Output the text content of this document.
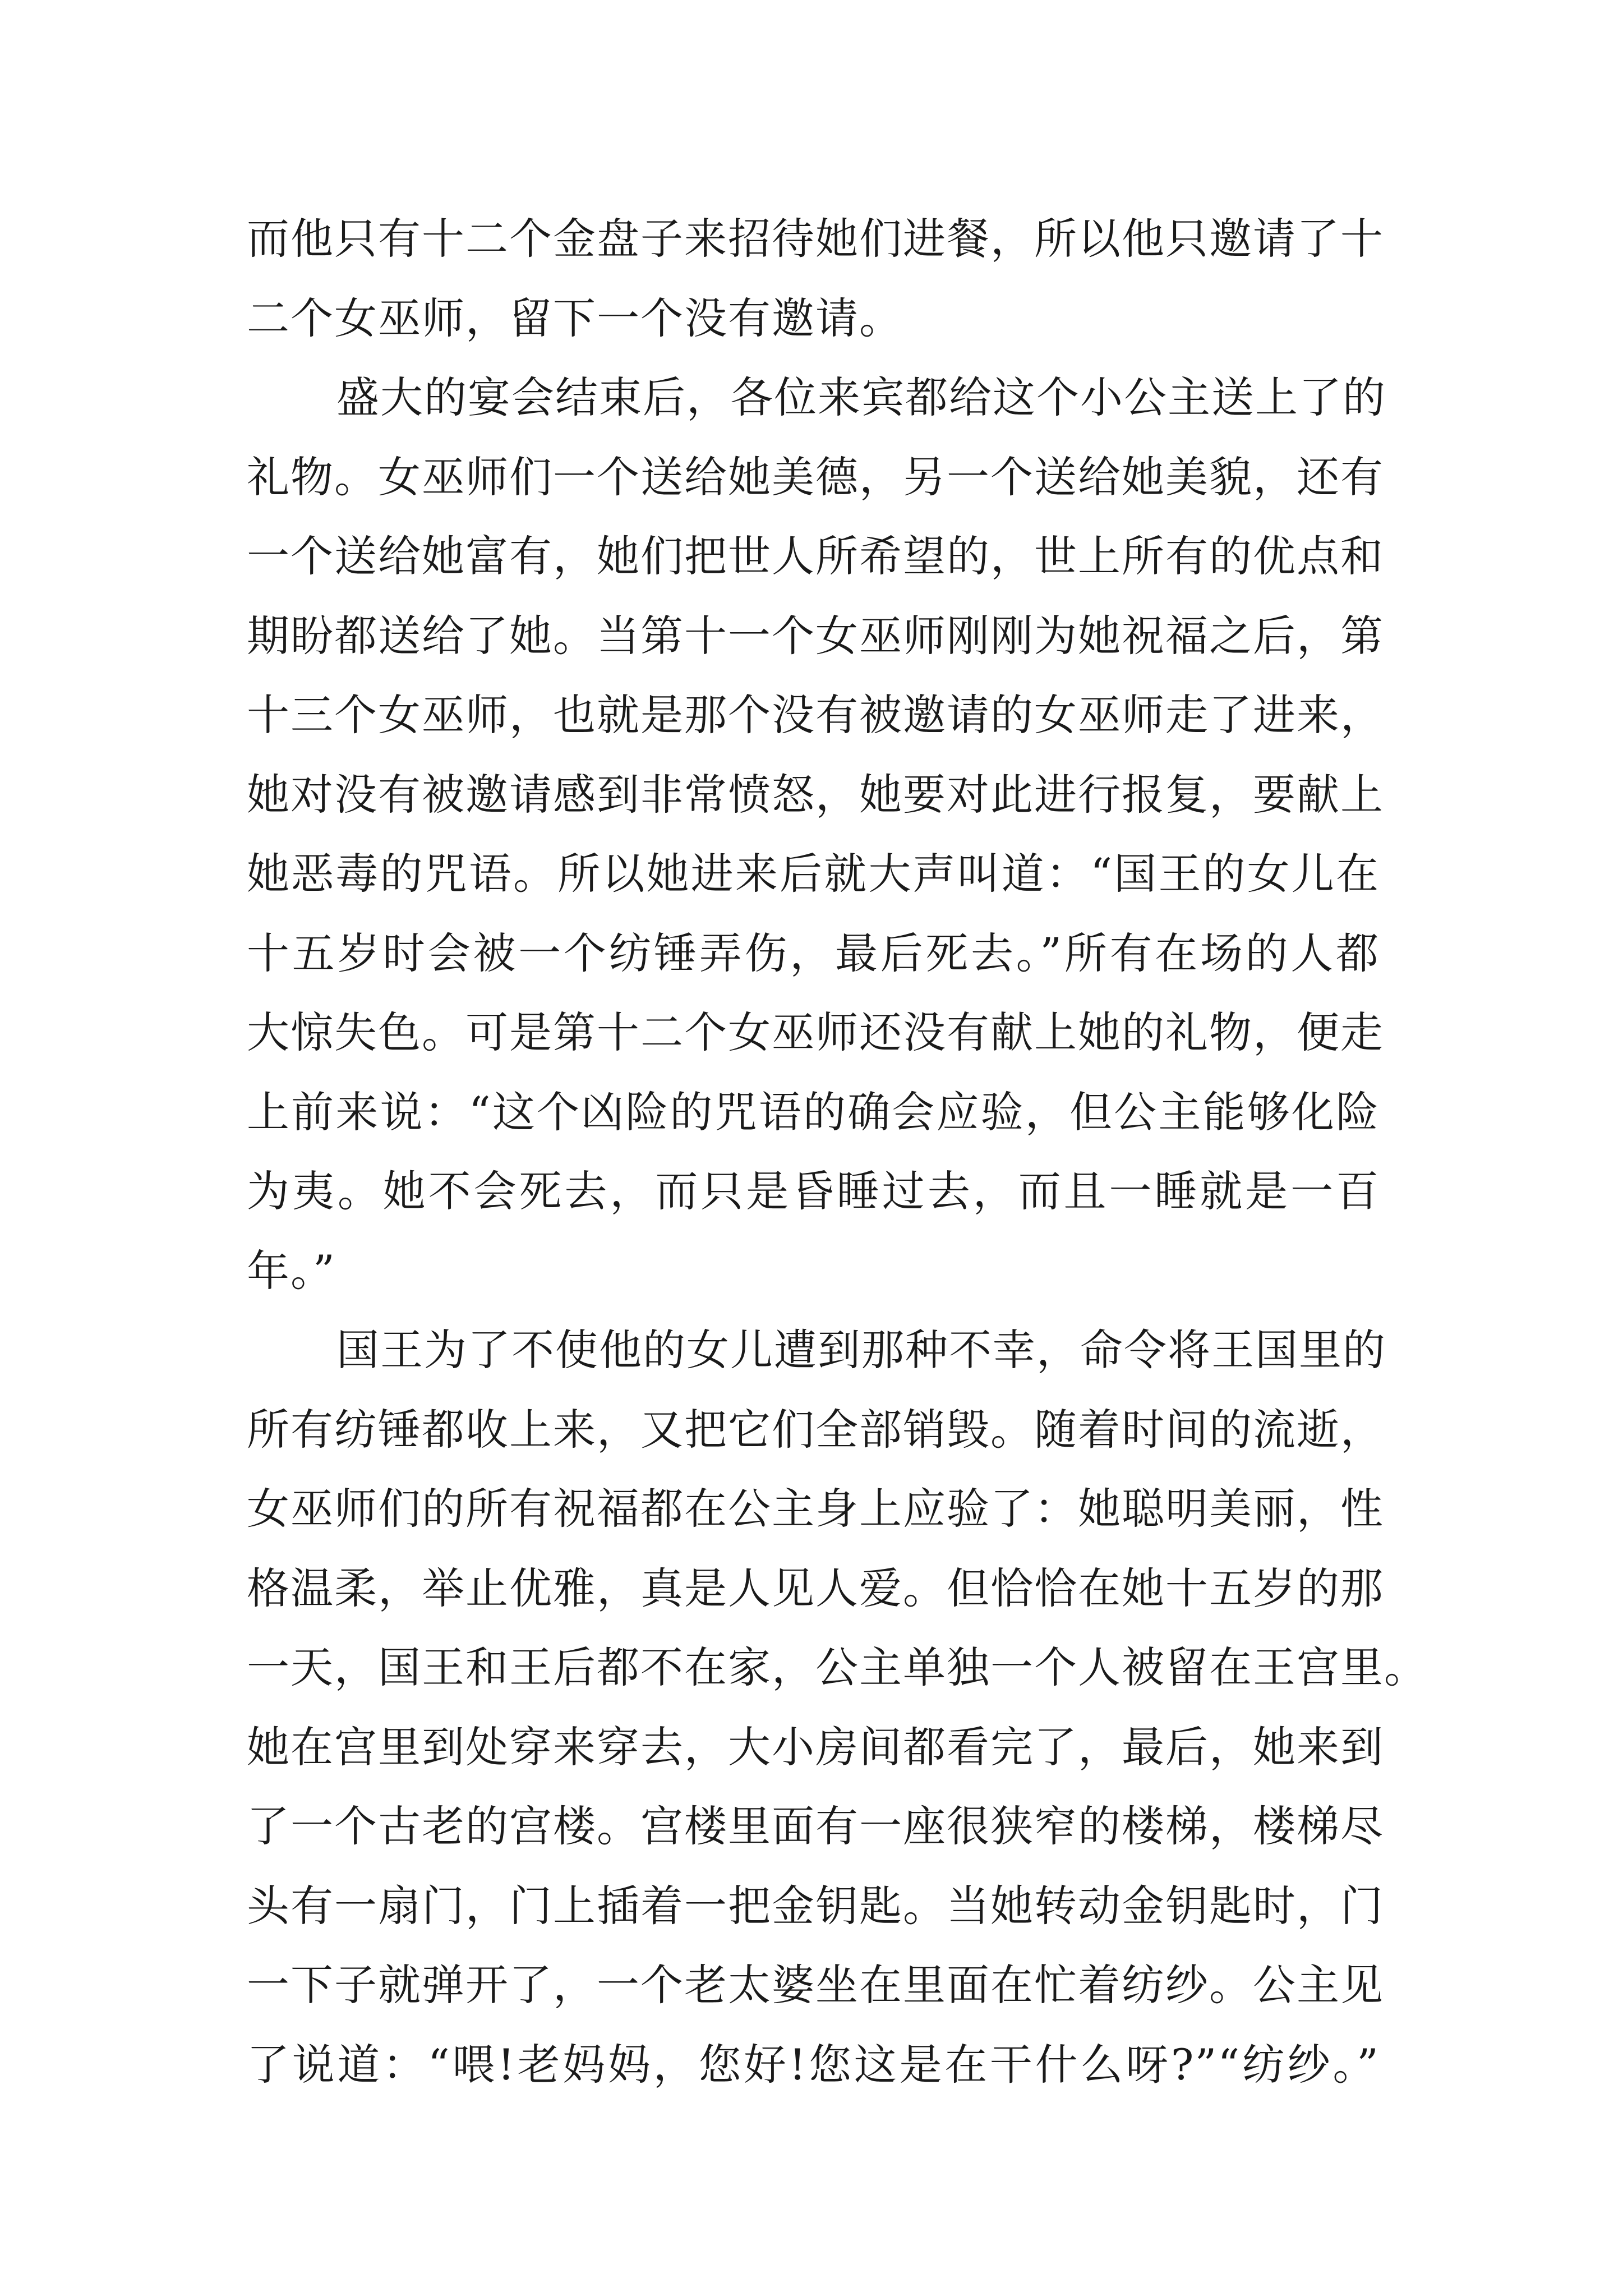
而他只有十二个金盘子来招待她们进餐，所以他只邀请了十
二个女巫师，留下一个没有邀请。
盛大的宴会结束后，各位来宾都给这个小公主送上了的
礼物。女巫师们一个送给她美德，另一个送给她美貌，还有
一个送给她富有，她们把世人所希望的，世上所有的优点和
期盼都送给了她。当第十一个女巫师刚刚为她祝福之后，第
十三个女巫师，也就是那个没有被邀请的女巫师走了进来，
她对没有被邀请感到非常愤怒，她要对此进行报复，要献上
她恶毒的咒语。所以她进来后就大声叫道：“国王的女儿在
十五岁时会被一个纺锤弄伤，最后死去。”所有在场的人都
大惊失色。可是第十二个女巫师还没有献上她的礼物，便走
上前来说：“这个凶险的咒语的确会应验，但公主能够化险
为夷。她不会死去，而只是昏睡过去，而且一睡就是一百
年。”
国王为了不使他的女儿遭到那种不幸，命令将王国里的
所有纺锤都收上来，又把它们全部销毁。随着时间的流逝，
女巫师们的所有祝福都在公主身上应验了：她聪明美丽，性
格温柔，举止优雅，真是人见人爱。但恰恰在她十五岁的那
一天，国王和王后都不在家，公主单独一个人被留在王宫里。
她在宫里到处穿来穿去，大小房间都看完了，最后，她来到
了一个古老的宫楼。宫楼里面有一座很狭窄的楼梯，楼梯尽
头有一扇门，门上插着一把金钥匙。当她转动金钥匙时，门
一下子就弹开了，一个老太婆坐在里面在忙着纺纱。公主见
了说道：“喂!老妈妈，您好!您这是在干什么呀?”“纺纱。”
